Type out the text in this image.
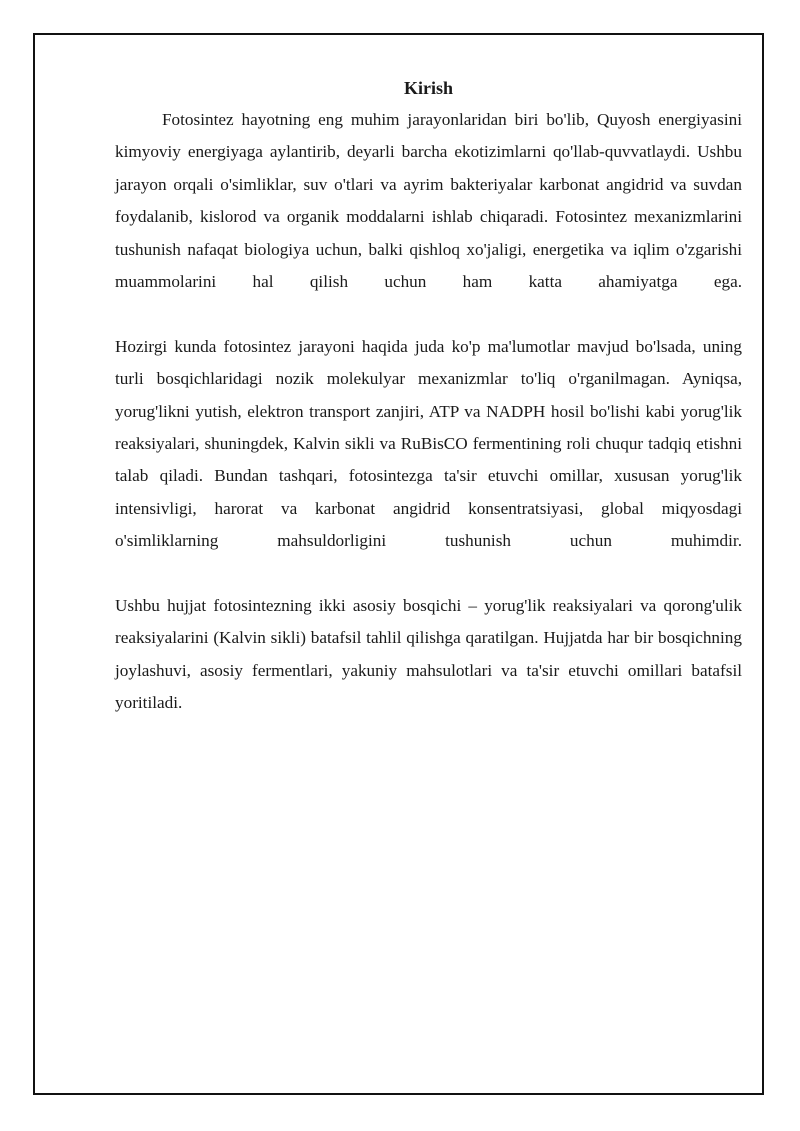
Kirish

Fotosintez hayotning eng muhim jarayonlaridan biri bo'lib, Quyosh energiyasini kimyoviy energiyaga aylantirib, deyarli barcha ekotizimlarni qo'llab-quvvatlaydi. Ushbu jarayon orqali o'simliklar, suv o'tlari va ayrim bakteriyalar karbonat angidrid va suvdan foydalanib, kislorod va organik moddalarni ishlab chiqaradi. Fotosintez mexanizmlarini tushunish nafaqat biologiya uchun, balki qishloq xo'jaligi, energetika va iqlim o'zgarishi muammolarini hal qilish uchun ham katta ahamiyatga ega.

Hozirgi kunda fotosintez jarayoni haqida juda ko'p ma'lumotlar mavjud bo'lsada, uning turli bosqichlaridagi nozik molekulyar mexanizmlar to'liq o'rganilmagan. Ayniqsa, yorug'likni yutish, elektron transport zanjiri, ATP va NADPH hosil bo'lishi kabi yorug'lik reaksiyalari, shuningdek, Kalvin sikli va RuBisCO fermentining roli chuqur tadqiq etishni talab qiladi. Bundan tashqari, fotosintezga ta'sir etuvchi omillar, xususan yorug'lik intensivligi, harorat va karbonat angidrid konsentratsiyasi, global miqyosdagi o'simliklarning mahsuldorligini tushunish uchun muhimdir.

Ushbu hujjat fotosintezning ikki asosiy bosqichi – yorug'lik reaksiyalari va qorong'ulik reaksiyalarini (Kalvin sikli) batafsil tahlil qilishga qaratilgan. Hujjatda har bir bosqichning joylashuvi, asosiy fermentlari, yakuniy mahsulotlari va ta'sir etuvchi omillari batafsil yoritiladi.
